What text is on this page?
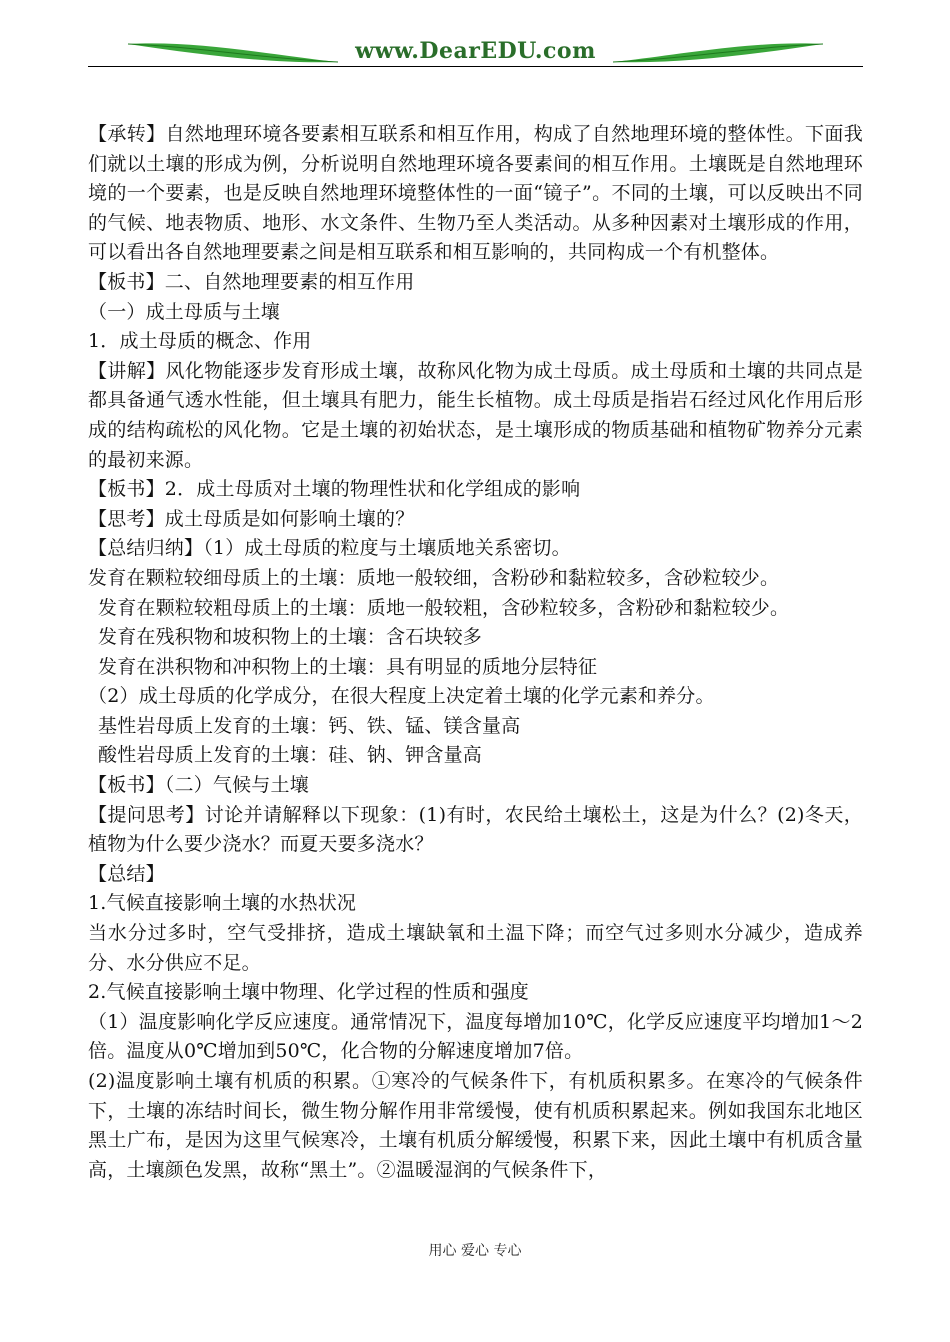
www.DearEDU.com

【承转】自然地理环境各要素相互联系和相互作用，构成了自然地理环境的整体性。下面我们就以土壤的形成为例，分析说明自然地理环境各要素间的相互作用。土壤既是自然地理环境的一个要素，也是反映自然地理环境整体性的一面“镜子”。不同的土壤，可以反映出不同的气候、地表物质、地形、水文条件、生物乃至人类活动。从多种因素对土壤形成的作用，可以看出各自然地理要素之间是相互联系和相互影响的，共同构成一个有机整体。

【板书】二、自然地理要素的相互作用

（一）成土母质与土壤

1．成土母质的概念、作用

【讲解】风化物能逐步发育形成土壤，故称风化物为成土母质。成土母质和土壤的共同点是都具备通气透水性能，但土壤具有肥力，能生长植物。成土母质是指岩石经过风化作用后形成的结构疏松的风化物。它是土壤的初始状态，是土壤形成的物质基础和植物矿物养分元素的最初来源。

【板书】2．成土母质对土壤的物理性状和化学组成的影响

【思考】成土母质是如何影响土壤的？

【总结归纳】（1）成土母质的粒度与土壤质地关系密切。

发育在颗粒较细母质上的土壤：质地一般较细，含粉砂和黏粒较多，含砂粒较少。

发育在颗粒较粗母质上的土壤：质地一般较粗，含砂粒较多，含粉砂和黏粒较少。

发育在残积物和坡积物上的土壤：含石块较多

发育在洪积物和冲积物上的土壤：具有明显的质地分层特征

（2）成土母质的化学成分，在很大程度上决定着土壤的化学元素和养分。

基性岩母质上发育的土壤：钙、铁、锰、镁含量高

酸性岩母质上发育的土壤：硅、钠、钾含量高

【板书】（二）气候与土壤

【提问思考】讨论并请解释以下现象：(1)有时，农民给土壤松土，这是为什么？(2)冬天，植物为什么要少浇水？而夏天要多浇水？

【总结】

1.气候直接影响土壤的水热状况

当水分过多时，空气受排挤，造成土壤缺氧和土温下降；而空气过多则水分减少，造成养分、水分供应不足。

2.气候直接影响土壤中物理、化学过程的性质和强度

（1）温度影响化学反应速度。通常情况下，温度每增加10℃，化学反应速度平均增加1～2倍。温度从0℃增加到50℃，化合物的分解速度增加7倍。

(2)温度影响土壤有机质的积累。①寒冷的气候条件下，有机质积累多。在寒冷的气候条件下，土壤的冻结时间长，微生物分解作用非常缓慢，使有机质积累起来。例如我国东北地区黑土广布，是因为这里气候寒冷，土壤有机质分解缓慢，积累下来，因此土壤中有机质含量高，土壤颜色发黑，故称“黑土”。②温暖湿润的气候条件下，

用心 爱心 专心
